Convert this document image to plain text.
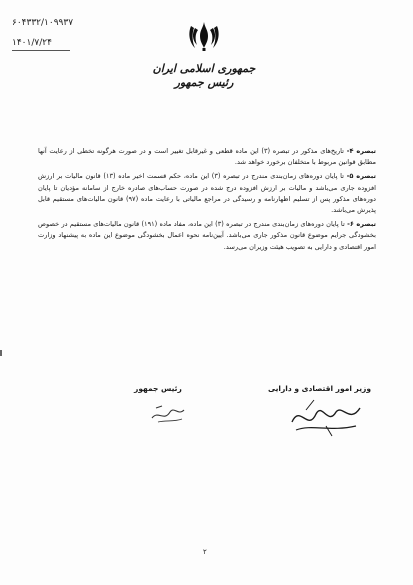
۶۰۴۳۳۲/۱۰۹۹۳۷
۱۴۰۱/۷/۲۴
جمهوری اسلامی ایران
رئیس جمهور

تبصره ۴- تاریخ‌های مذکور در تبصره (۳) این ماده قطعی و غیرقابل تغییر است و در صورت هرگونه تخطی از رعایت آنها مطابق قوانین مربوط با متخلفان برخورد خواهد شد.

تبصره ۵- تا پایان دوره‌های زمان‌بندی مندرج در تبصره (۳) این ماده، حکم قسمت اخیر ماده (۱۳) قانون مالیات بر ارزش افزوده جاری می‌باشد و مالیات بر ارزش افزوده درج شده در صورت حساب‌های صادره خارج از سامانه مؤدیان تا پایان دوره‌های مذکور پس از تسلیم اظهارنامه و رسیدگی در مراجع مالیاتی با رعایت ماده (۹۷) قانون مالیات‌های مستقیم قابل پذیرش می‌باشد.

تبصره ۶- تا پایان دوره‌های زمان‌بندی مندرج در تبصره (۳) این ماده، مفاد ماده (۱۹۱) قانون مالیات‌های مستقیم در خصوص بخشودگی جرایم موضوع قانون مذکور جاری می‌باشد. آیین‌نامه نحوه اعمال بخشودگی موضوع این ماده به پیشنهاد وزارت امور اقتصادی و دارایی به تصویب هیئت وزیران می‌رسد.

وزیر امور اقتصادی و دارایی
رئیس جمهور
۲
